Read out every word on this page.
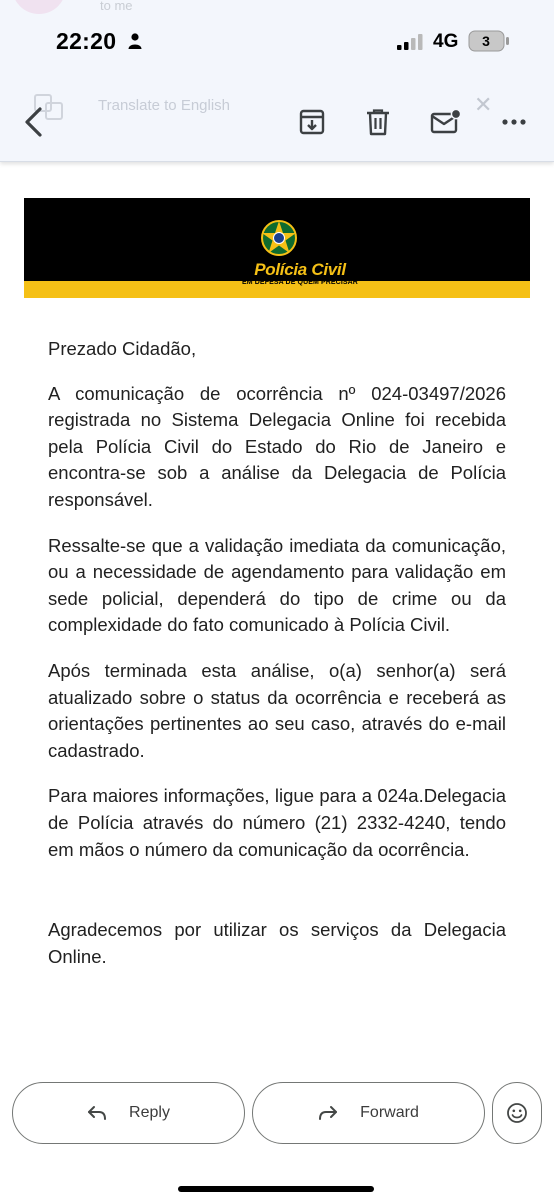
to me
22:20	4G	3
Translate to English	✕
Polícia Civil
EM DEFESA DE QUEM PRECISAR

Prezado Cidadão,

A comunicação de ocorrência nº 024-03497/2026 registrada no Sistema Delegacia Online foi recebida pela Polícia Civil do Estado do Rio de Janeiro e encontra-se sob a análise da Delegacia de Polícia responsável.

Ressalte-se que a validação imediata da comunicação, ou a necessidade de agendamento para validação em sede policial, dependerá do tipo de crime ou da complexidade do fato comunicado à Polícia Civil.

Após terminada esta análise, o(a) senhor(a) será atualizado sobre o status da ocorrência e receberá as orientações pertinentes ao seu caso, através do e-mail cadastrado.

Para maiores informações, ligue para a 024a.Delegacia de Polícia através do número (21) 2332-4240, tendo em mãos o número da comunicação da ocorrência.

Agradecemos por utilizar os serviços da Delegacia Online.

Reply	Forward
